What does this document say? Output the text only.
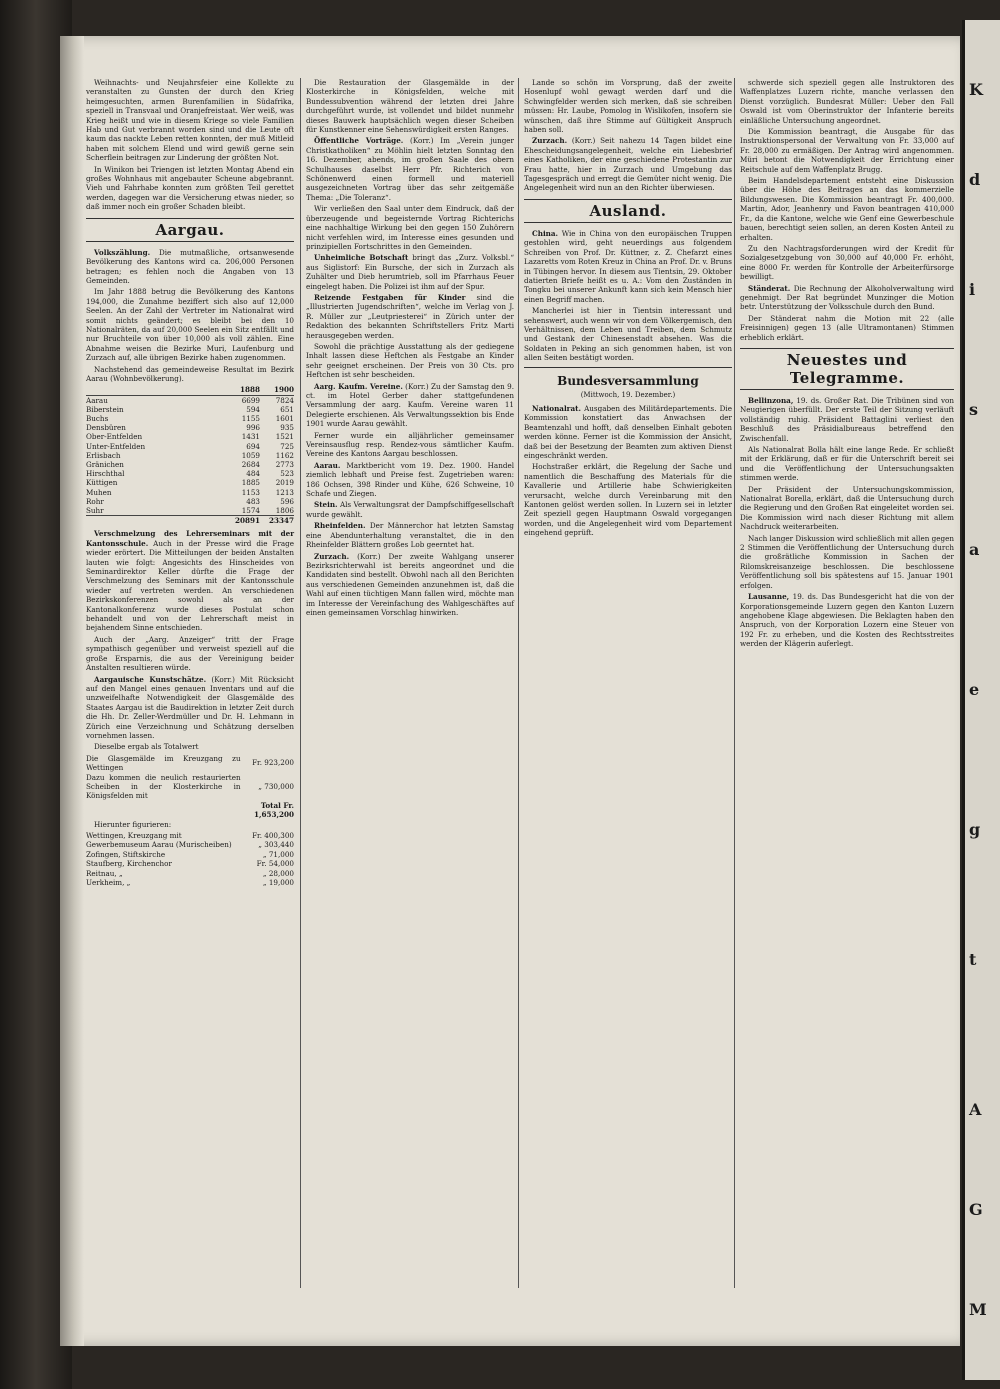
K
d
i
s
a
e
g
t
A
G
M

Weihnachts- und Neujahrsfeier eine Kollekte zu veranstalten zu Gunsten der durch den Krieg heimgesuchten, armen Burenfamilien in Südafrika, speziell in Transvaal und Oranjefreistaat. Wer weiß, was Krieg heißt und wie in diesem Kriege so viele Familien Hab und Gut verbrannt worden sind und die Leute oft kaum das nackte Leben retten konnten, der muß Mitleid haben mit solchem Elend und wird gewiß gerne sein Scherflein beitragen zur Linderung der größten Not.

In Winikon bei Triengen ist letzten Montag Abend ein großes Wohnhaus mit angebauter Scheune abgebrannt. Vieh und Fahrhabe konnten zum größten Teil gerettet werden, dagegen war die Versicherung etwas nieder, so daß immer noch ein großer Schaden bleibt.

Aargau.

Volkszählung. Die mutmaßliche, ortsanwesende Bevölkerung des Kantons wird ca. 206,000 Personen betragen; es fehlen noch die Angaben von 13 Gemeinden.

Im Jahr 1888 betrug die Bevölkerung des Kantons 194,000, die Zunahme beziffert sich also auf 12,000 Seelen. An der Zahl der Vertreter im Nationalrat wird somit nichts geändert; es bleibt bei den 10 Nationalräten, da auf 20,000 Seelen ein Sitz entfällt und nur Bruchteile von über 10,000 als voll zählen. Eine Abnahme weisen die Bezirke Muri, Laufenburg und Zurzach auf, alle übrigen Bezirke haben zugenommen.

Nachstehend das gemeindeweise Resultat im Bezirk Aarau (Wohnbevölkerung).

	1888	1900
Aarau	6699	7824
Biberstein	594	651
Buchs	1155	1601
Densbüren	996	935
Ober-Entfelden	1431	1521
Unter-Entfelden	694	725
Erlisbach	1059	1162
Gränichen	2684	2773
Hirschthal	484	523
Küttigen	1885	2019
Muhen	1153	1213
Rohr	483	596
Suhr	1574	1806
	20891	23347

Verschmelzung des Lehrerseminars mit der Kantonsschule. Auch in der Presse wird die Frage wieder erörtert. Die Mitteilungen der beiden Anstalten lauten wie folgt: Angesichts des Hinscheides von Seminardirektor Keller dürfte die Frage der Verschmelzung des Seminars mit der Kantonsschule wieder auf vertreten werden. An verschiedenen Bezirkskonferenzen sowohl als an der Kantonalkonferenz wurde dieses Postulat schon behandelt und von der Lehrerschaft meist in bejahendem Sinne entschieden.

Auch der „Aarg. Anzeiger“ tritt der Frage sympathisch gegenüber und verweist speziell auf die große Ersparnis, die aus der Vereinigung beider Anstalten resultieren würde.

Aargauische Kunstschätze. (Korr.) Mit Rücksicht auf den Mangel eines genauen Inventars und auf die unzweifelhafte Notwendigkeit der Glasgemälde des Staates Aargau ist die Baudirektion in letzter Zeit durch die Hh. Dr. Zeller-Werdmüller und Dr. H. Lehmann in Zürich eine Verzeichnung und Schätzung derselben vornehmen lassen.

Dieselbe ergab als Totalwert

Die Glasgemälde im Kreuzgang zu Wettingen	Fr. 923,200
Dazu kommen die neulich restaurierten Scheiben in der Klosterkirche in Königsfelden mit	„ 730,000
	Total Fr. 1,653,200

Hierunter figurieren:

Wettingen, Kreuzgang mit	Fr. 400,300
Gewerbemuseum Aarau (Murischeiben)	„ 303,440
Zofingen, Stiftskirche	„ 71,000
Staufberg, Kirchenchor	Fr. 54,000
Reitnau, „	„ 28,000
Uerkheim, „	„ 19,000

Die Restauration der Glasgemälde in der Klosterkirche in Königsfelden, welche mit Bundessubvention während der letzten drei Jahre durchgeführt wurde, ist vollendet und bildet nunmehr dieses Bauwerk hauptsächlich wegen dieser Scheiben für Kunstkenner eine Sehenswürdigkeit ersten Ranges.

Öffentliche Vorträge. (Korr.) Im „Verein junger Christkatholiken“ zu Möhlin hielt letzten Sonntag den 16. Dezember, abends, im großen Saale des obern Schulhauses daselbst Herr Pfr. Richterich von Schönenwerd einen formell und materiell ausgezeichneten Vortrag über das sehr zeitgemäße Thema: „Die Toleranz“.

Wir verließen den Saal unter dem Eindruck, daß der überzeugende und begeisternde Vortrag Richterichs eine nachhaltige Wirkung bei den gegen 150 Zuhörern nicht verfehlen wird, im Interesse eines gesunden und prinzipiellen Fortschrittes in den Gemeinden.

Unheimliche Botschaft bringt das „Zurz. Volksbl.“ aus Siglistorf: Ein Bursche, der sich in Zurzach als Zuhälter und Dieb herumtrieb, soll im Pfarrhaus Feuer eingelegt haben. Die Polizei ist ihm auf der Spur.

Reizende Festgaben für Kinder sind die „Illustrierten Jugendschriften“, welche im Verlag von J. R. Müller zur „Leutpriesterei“ in Zürich unter der Redaktion des bekannten Schriftstellers Fritz Marti herausgegeben werden.

Sowohl die prächtige Ausstattung als der gediegene Inhalt lassen diese Heftchen als Festgabe an Kinder sehr geeignet erscheinen. Der Preis von 30 Cts. pro Heftchen ist sehr bescheiden.

Aarg. Kaufm. Vereine. (Korr.) Zu der Samstag den 9. ct. im Hotel Gerber daher stattgefundenen Versammlung der aarg. Kaufm. Vereine waren 11 Delegierte erschienen. Als Verwaltungssektion bis Ende 1901 wurde Aarau gewählt.

Ferner wurde ein alljährlicher gemeinsamer Vereinsausflug resp. Rendez-vous sämtlicher Kaufm. Vereine des Kantons Aargau beschlossen.

Aarau. Marktbericht vom 19. Dez. 1900. Handel ziemlich lebhaft und Preise fest. Zugetrieben waren: 186 Ochsen, 398 Rinder und Kühe, 626 Schweine, 10 Schafe und Ziegen.

Stein. Als Verwaltungsrat der Dampfschiffgesellschaft wurde gewählt.

Rheinfelden. Der Männerchor hat letzten Samstag eine Abendunterhaltung veranstaltet, die in den Rheinfelder Blättern großes Lob geerntet hat.

Zurzach. (Korr.) Der zweite Wahlgang unserer Bezirksrichterwahl ist bereits angeordnet und die Kandidaten sind bestellt. Obwohl nach all den Berichten aus verschiedenen Gemeinden anzunehmen ist, daß die Wahl auf einen tüchtigen Mann fallen wird, möchte man im Interesse der Vereinfachung des Wahlgeschäftes auf einen gemeinsamen Vorschlag hinwirken.

Lande so schön im Vorsprung, daß der zweite Hosenlupf wohl gewagt werden darf und die Schwingfelder werden sich merken, daß sie schreiben müssen: Hr. Laube, Pomolog in Wislikofen, insofern sie wünschen, daß ihre Stimme auf Gültigkeit Anspruch haben soll.

Zurzach. (Korr.) Seit nahezu 14 Tagen bildet eine Ehescheidungsangelegenheit, welche ein Liebesbrief eines Katholiken, der eine geschiedene Protestantin zur Frau hatte, hier in Zurzach und Umgebung das Tagesgespräch und erregt die Gemüter nicht wenig. Die Angelegenheit wird nun an den Richter überwiesen.

Ausland.

China. Wie in China von den europäischen Truppen gestohlen wird, geht neuerdings aus folgendem Schreiben von Prof. Dr. Küttner, z. Z. Chefarzt eines Lazaretts vom Roten Kreuz in China an Prof. Dr. v. Bruns in Tübingen hervor. In diesem aus Tientsin, 29. Oktober datierten Briefe heißt es u. A.: Vom den Zuständen in Tongku bei unserer Ankunft kann sich kein Mensch hier einen Begriff machen.

Mancherlei ist hier in Tientsin interessant und sehenswert, auch wenn wir von dem Völkergemisch, den Verhältnissen, dem Leben und Treiben, dem Schmutz und Gestank der Chinesenstadt absehen. Was die Soldaten in Peking an sich genommen haben, ist von allen Seiten bestätigt worden.

Bundesversammlung
(Mittwoch, 19. Dezember.)

Nationalrat. Ausgaben des Militärdepartements. Die Kommission konstatiert das Anwachsen der Beamtenzahl und hofft, daß denselben Einhalt geboten werden könne. Ferner ist die Kommission der Ansicht, daß bei der Besetzung der Beamten zum aktiven Dienst eingeschränkt werden.

Hochstraßer erklärt, die Regelung der Sache und namentlich die Beschaffung des Materials für die Kavallerie und Artillerie habe Schwierigkeiten verursacht, welche durch Vereinbarung mit den Kantonen gelöst werden sollen. In Luzern sei in letzter Zeit speziell gegen Hauptmann Oswald vorgegangen worden, und die Angelegenheit wird vom Departement eingehend geprüft.

schwerde sich speziell gegen alle Instruktoren des Waffenplatzes Luzern richte, manche verlassen den Dienst vorzüglich. Bundesrat Müller: Ueber den Fall Oswald ist vom Oberinstruktor der Infanterie bereits einläßliche Untersuchung angeordnet.

Die Kommission beantragt, die Ausgabe für das Instruktionspersonal der Verwaltung von Fr. 33,000 auf Fr. 28,000 zu ermäßigen. Der Antrag wird angenommen. Müri betont die Notwendigkeit der Errichtung einer Reitschule auf dem Waffenplatz Brugg.

Beim Handelsdepartement entsteht eine Diskussion über die Höhe des Beitrages an das kommerzielle Bildungswesen. Die Kommission beantragt Fr. 400,000. Martin, Ador, Jeanhenry und Favon beantragen 410,000 Fr., da die Kantone, welche wie Genf eine Gewerbeschule bauen, berechtigt seien sollen, an deren Kosten Anteil zu erhalten.

Zu den Nachtragsforderungen wird der Kredit für Sozialgesetzgebung von 30,000 auf 40,000 Fr. erhöht, eine 8000 Fr. werden für Kontrolle der Arbeiterfürsorge bewilligt.

Ständerat. Die Rechnung der Alkoholverwaltung wird genehmigt. Der Rat begründet Munzinger die Motion betr. Unterstützung der Volksschule durch den Bund.

Der Ständerat nahm die Motion mit 22 (alle Freisinnigen) gegen 13 (alle Ultramontanen) Stimmen erheblich erklärt.

Neuestes und Telegramme.

Bellinzona, 19. ds. Großer Rat. Die Tribünen sind von Neugierigen überfüllt. Der erste Teil der Sitzung verläuft vollständig ruhig. Präsident Battaglini verliest den Beschluß des Präsidialbureaus betreffend den Zwischenfall.

Als Nationalrat Bolla hält eine lange Rede. Er schließt mit der Erklärung, daß er für die Unterschrift bereit sei und die Veröffentlichung der Untersuchungsakten stimmen werde.

Der Präsident der Untersuchungskommission, Nationalrat Borella, erklärt, daß die Untersuchung durch die Regierung und den Großen Rat eingeleitet worden sei. Die Kommission wird nach dieser Richtung mit allem Nachdruck weiterarbeiten.

Nach langer Diskussion wird schließlich mit allen gegen 2 Stimmen die Veröffentlichung der Untersuchung durch die großrätliche Kommission in Sachen der Rilomskreisanzeige beschlossen. Die beschlossene Veröffentlichung soll bis spätestens auf 15. Januar 1901 erfolgen.

Lausanne, 19. ds. Das Bundesgericht hat die von der Korporationsgemeinde Luzern gegen den Kanton Luzern angehobene Klage abgewiesen. Die Beklagten haben den Anspruch, von der Korporation Lozern eine Steuer von 192 Fr. zu erheben, und die Kosten des Rechtsstreites werden der Klägerin auferlegt.
